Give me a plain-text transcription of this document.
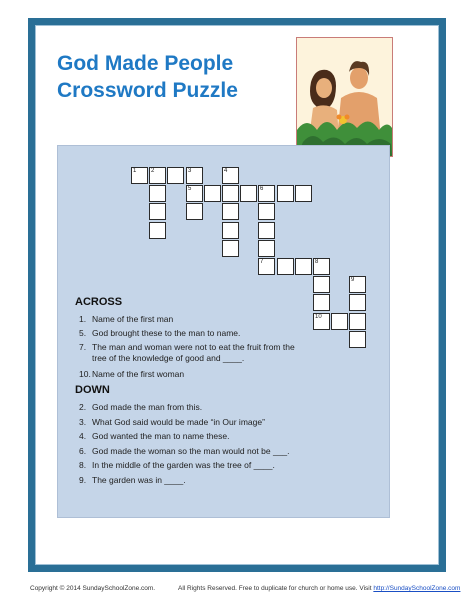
God Made People
Crossword Puzzle
1 2	3	4
5	6
7	8
10
9
ACROSS
1. Name of the first man
5. God brought these to the man to name.
7. The man and woman were not to eat the fruit from the tree of the knowledge of good and ____.
10. Name of the first woman
DOWN
2. God made the man from this.
3. What God said would be made “in Our image”
4. God wanted the man to name these.
6. God made the woman so the man would not be ___.
8. In the middle of the garden was the tree of ____.
9. The garden was in ____.
Copyright © 2014 SundaySchoolZone.com.	All Rights Reserved. Free to duplicate for church or home use. Visit http://SundaySchoolZone.com
